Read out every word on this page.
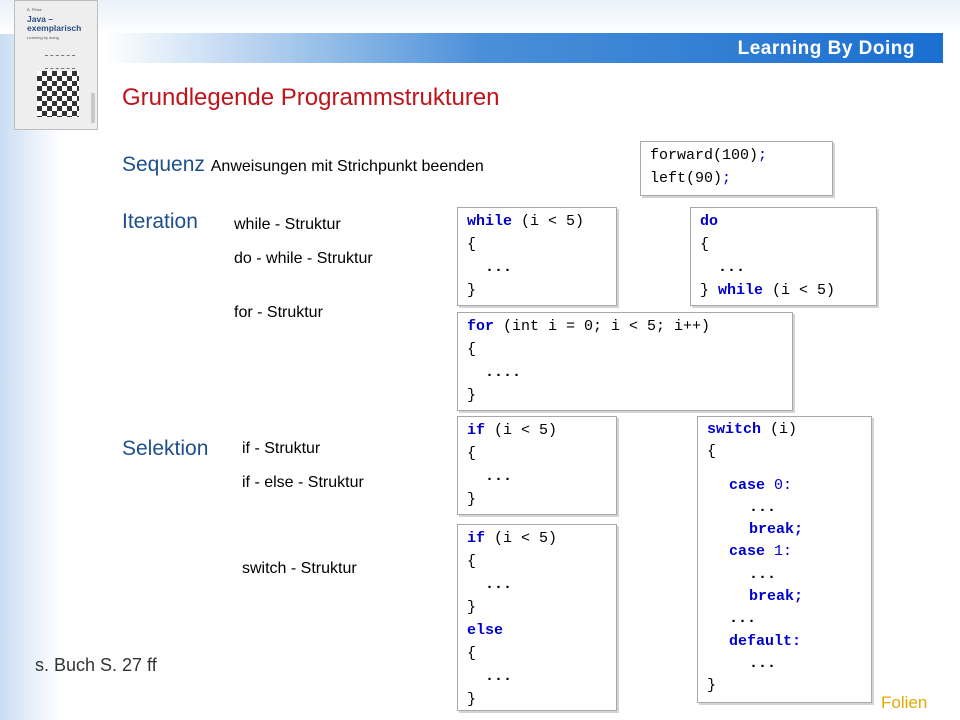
Learning By Doing
Ä. Plüss
Java –
exemplarisch
Learning by doing
Grundlegende Programmstrukturen
Sequenz Anweisungen mit Strichpunkt beenden
Iteration while - Struktur
do - while - Struktur
for - Struktur
Selektion if - Struktur
if - else - Struktur
switch - Struktur
forward(100);
left(90);
while (i < 5)
{
...
}
do
{
...
} while (i < 5)
for (int i = 0; i < 5; i++)
{
....
}
if (i < 5)
{
...
}
if (i < 5)
{
...
}
else
{
...
}
switch (i)
{
case 0:
...
break;
case 1:
...
break;
...
default:
...
}
s. Buch S. 27 ff
Folien
